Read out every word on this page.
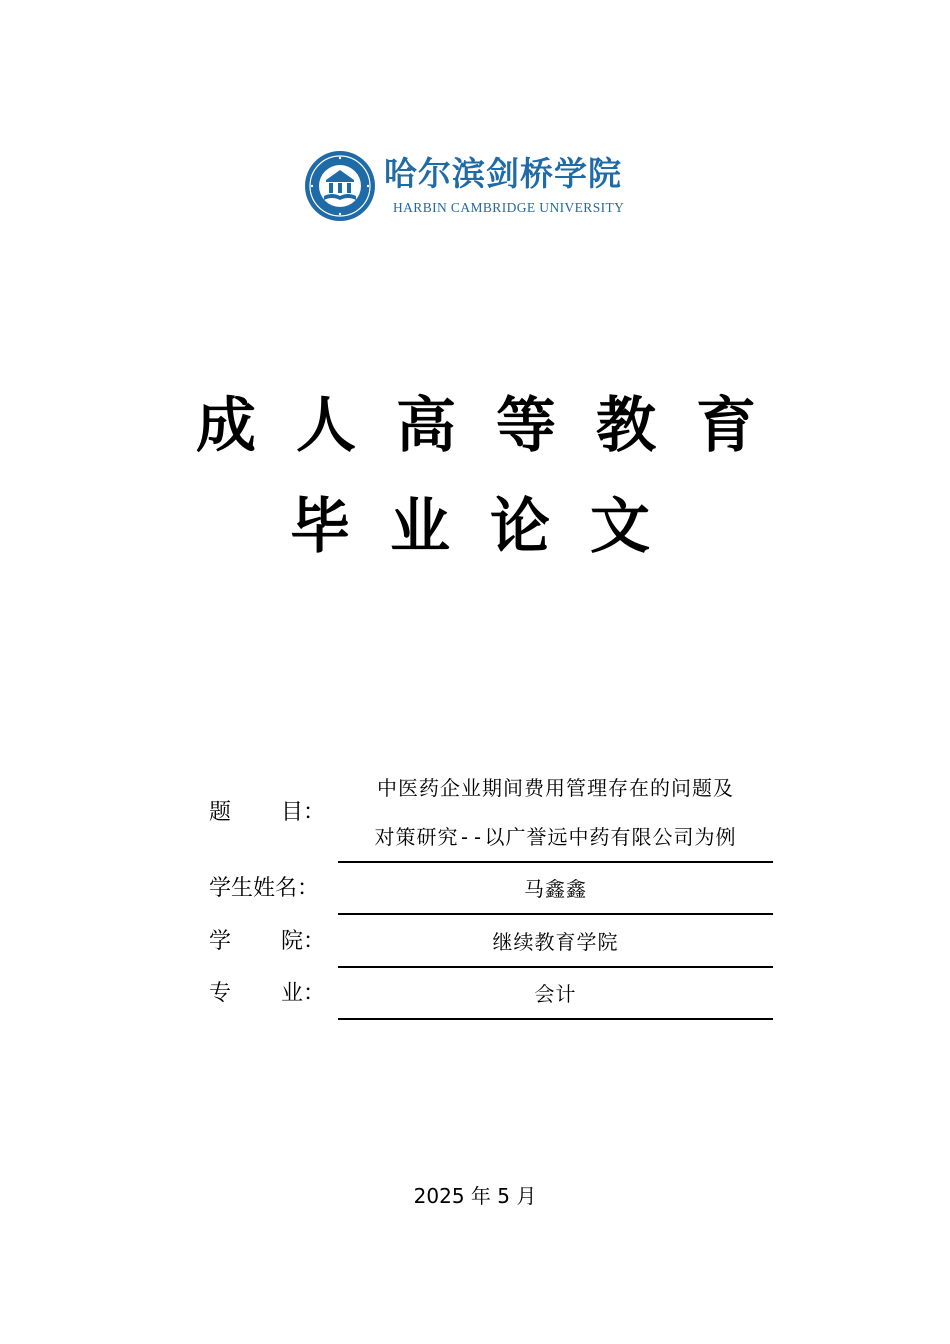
哈尔滨剑桥学院
HARBIN CAMBRIDGE UNIVERSITY
成人高等教育
毕业论文
题 目：
中医药企业期间费用管理存在的问题及
对策研究--以广誉远中药有限公司为例
学生姓名：	马鑫鑫
学 院：	继续教育学院
专 业：	会计
2025 年 5 月
